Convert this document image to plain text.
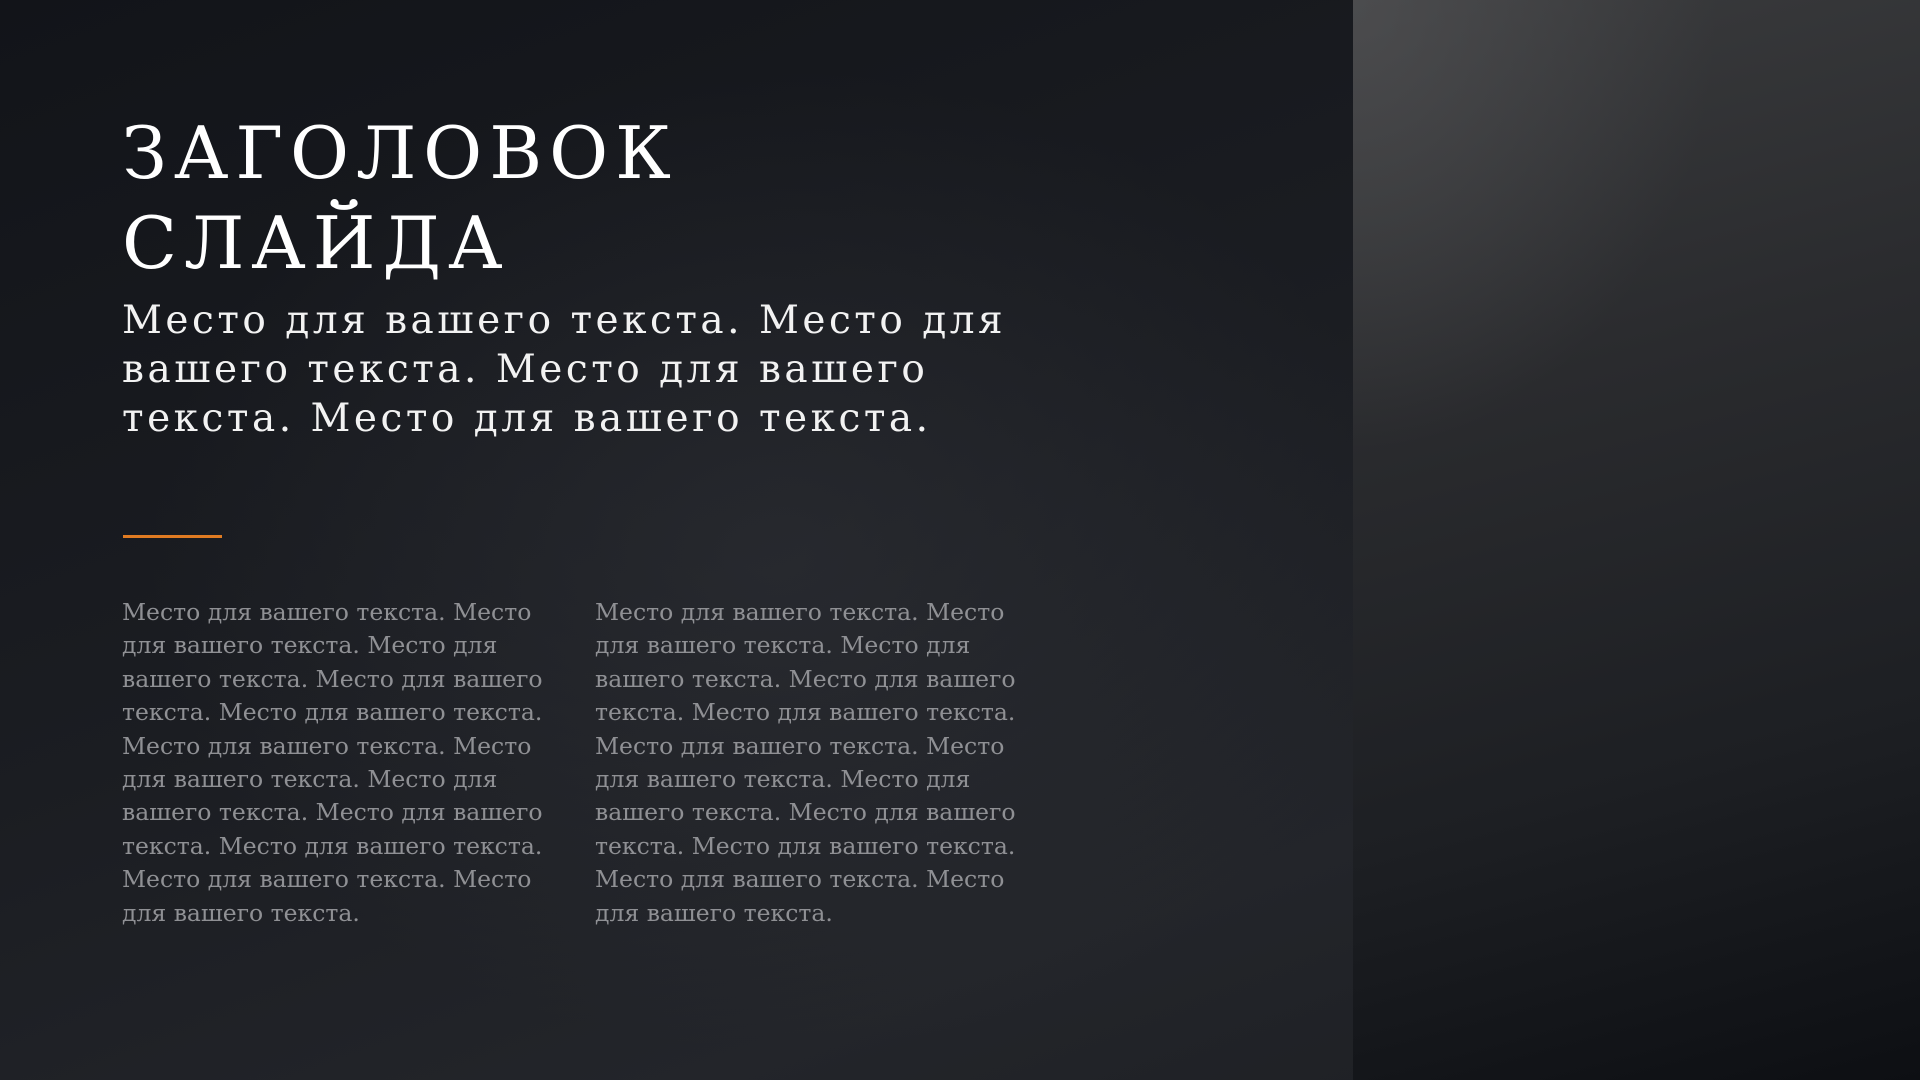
ЗАГОЛОВОК
СЛАЙДА

Место для вашего текста. Место для
вашего текста. Место для вашего
текста. Место для вашего текста.

Место для вашего текста. Место
для вашего текста. Место для
вашего текста. Место для вашего
текста. Место для вашего текста.
Место для вашего текста. Место
для вашего текста. Место для
вашего текста. Место для вашего
текста. Место для вашего текста.
Место для вашего текста. Место
для вашего текста.

Место для вашего текста. Место
для вашего текста. Место для
вашего текста. Место для вашего
текста. Место для вашего текста.
Место для вашего текста. Место
для вашего текста. Место для
вашего текста. Место для вашего
текста. Место для вашего текста.
Место для вашего текста. Место
для вашего текста.
